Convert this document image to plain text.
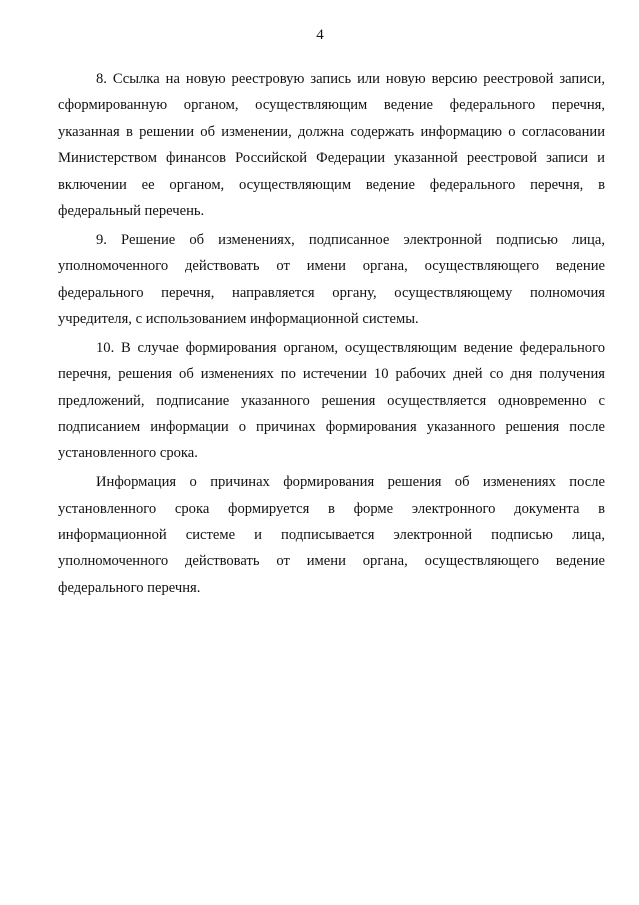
4

8. Ссылка на новую реестровую запись или новую версию реестровой записи, сформированную органом, осуществляющим ведение федерального перечня, указанная в решении об изменении, должна содержать информацию о согласовании Министерством финансов Российской Федерации указанной реестровой записи и включении ее органом, осуществляющим ведение федерального перечня, в федеральный перечень.

9. Решение об изменениях, подписанное электронной подписью лица, уполномоченного действовать от имени органа, осуществляющего ведение федерального перечня, направляется органу, осуществляющему полномочия учредителя, с использованием информационной системы.

10. В случае формирования органом, осуществляющим ведение федерального перечня, решения об изменениях по истечении 10 рабочих дней со дня получения предложений, подписание указанного решения осуществляется одновременно с подписанием информации о причинах формирования указанного решения после установленного срока.

Информация о причинах формирования решения об изменениях после установленного срока формируется в форме электронного документа в информационной системе и подписывается электронной подписью лица, уполномоченного действовать от имени органа, осуществляющего ведение федерального перечня.
